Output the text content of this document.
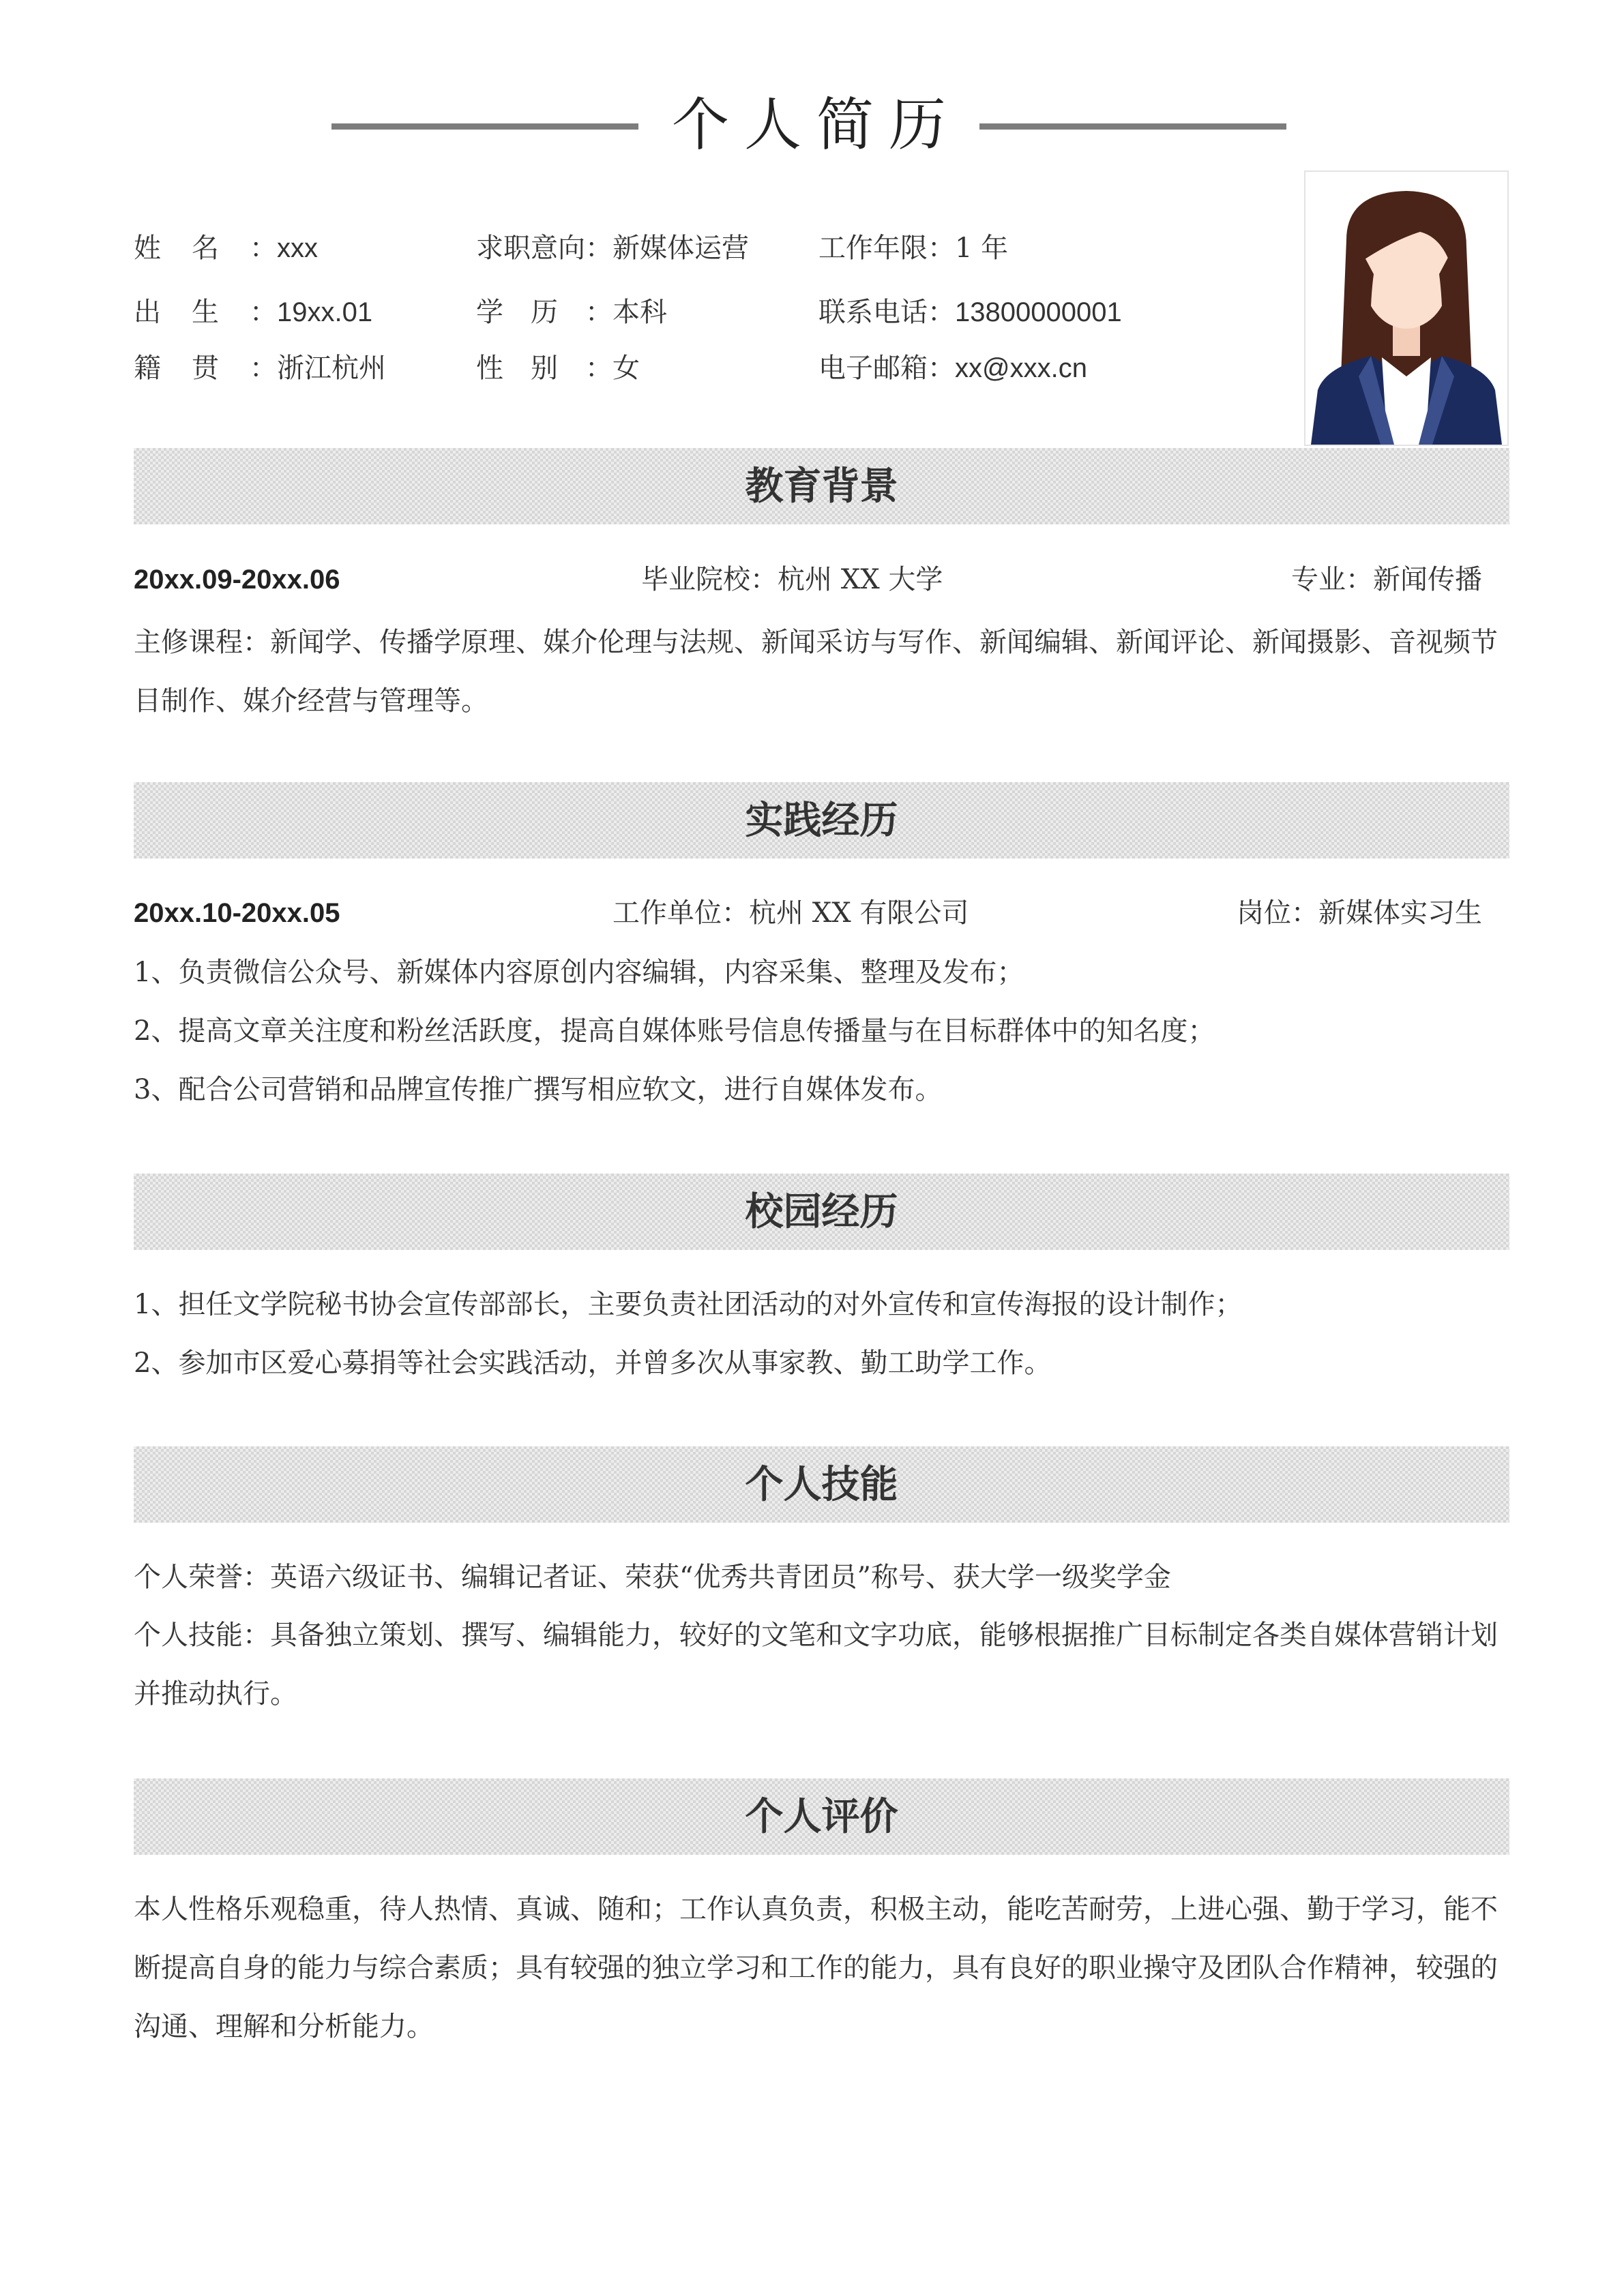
个人简历
姓名：xxx	求职意向：新媒体运营	工作年限：1 年
出生：19xx.01	学历：本科	联系电话：13800000001
籍贯：浙江杭州	性别：女	电子邮箱：xx@xxx.cn
教育背景
20xx.09-20xx.06	毕业院校：杭州 XX 大学	专业：新闻传播
主修课程：新闻学、传播学原理、媒介伦理与法规、新闻采访与写作、新闻编辑、新闻评论、新闻摄影、音视频节目制作、媒介经营与管理等。
实践经历
20xx.10-20xx.05	工作单位：杭州 XX 有限公司	岗位：新媒体实习生
1、负责微信公众号、新媒体内容原创内容编辑，内容采集、整理及发布；
2、提高文章关注度和粉丝活跃度，提高自媒体账号信息传播量与在目标群体中的知名度；
3、配合公司营销和品牌宣传推广撰写相应软文，进行自媒体发布。
校园经历
1、担任文学院秘书协会宣传部部长，主要负责社团活动的对外宣传和宣传海报的设计制作；
2、参加市区爱心募捐等社会实践活动，并曾多次从事家教、勤工助学工作。
个人技能
个人荣誉：英语六级证书、编辑记者证、荣获“优秀共青团员”称号、获大学一级奖学金
个人技能：具备独立策划、撰写、编辑能力，较好的文笔和文字功底，能够根据推广目标制定各类自媒体营销计划并推动执行。
个人评价
本人性格乐观稳重，待人热情、真诚、随和；工作认真负责，积极主动，能吃苦耐劳，上进心强、勤于学习，能不断提高自身的能力与综合素质；具有较强的独立学习和工作的能力，具有良好的职业操守及团队合作精神，较强的沟通、理解和分析能力。
